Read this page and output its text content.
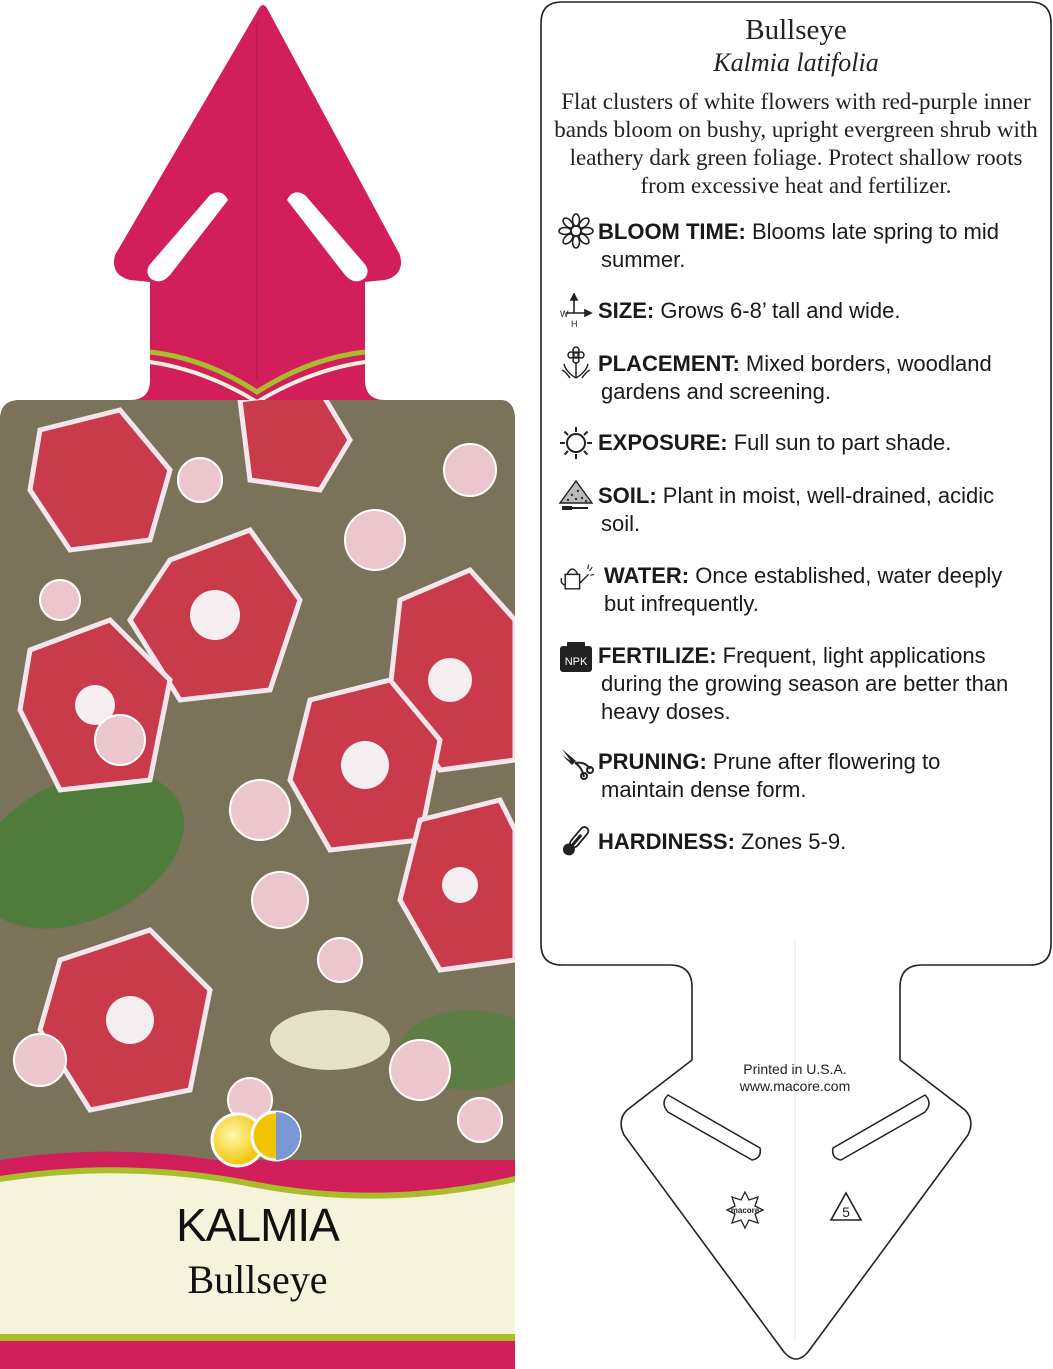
KALMIA
Bullseye
Bullseye
Kalmia latifolia
Flat clusters of white flowers with red-purple inner bands bloom on bushy, upright evergreen shrub with leathery dark green foliage. Protect shallow roots from excessive heat and fertilizer.
W
H
NPK
BLOOM TIME: Blooms late spring to mid
summer.
SIZE: Grows 6-8’ tall and wide.
PLACEMENT: Mixed borders, woodland
gardens and screening.
EXPOSURE: Full sun to part shade.
SOIL: Plant in moist, well-drained, acidic
soil.
WATER: Once established, water deeply
but infrequently.
FERTILIZE: Frequent, light applications
during the growing season are better than heavy doses.
PRUNING: Prune after flowering to
maintain dense form.
HARDINESS: Zones 5-9.
Printed in U.S.A.
www.macore.com
macore	5
